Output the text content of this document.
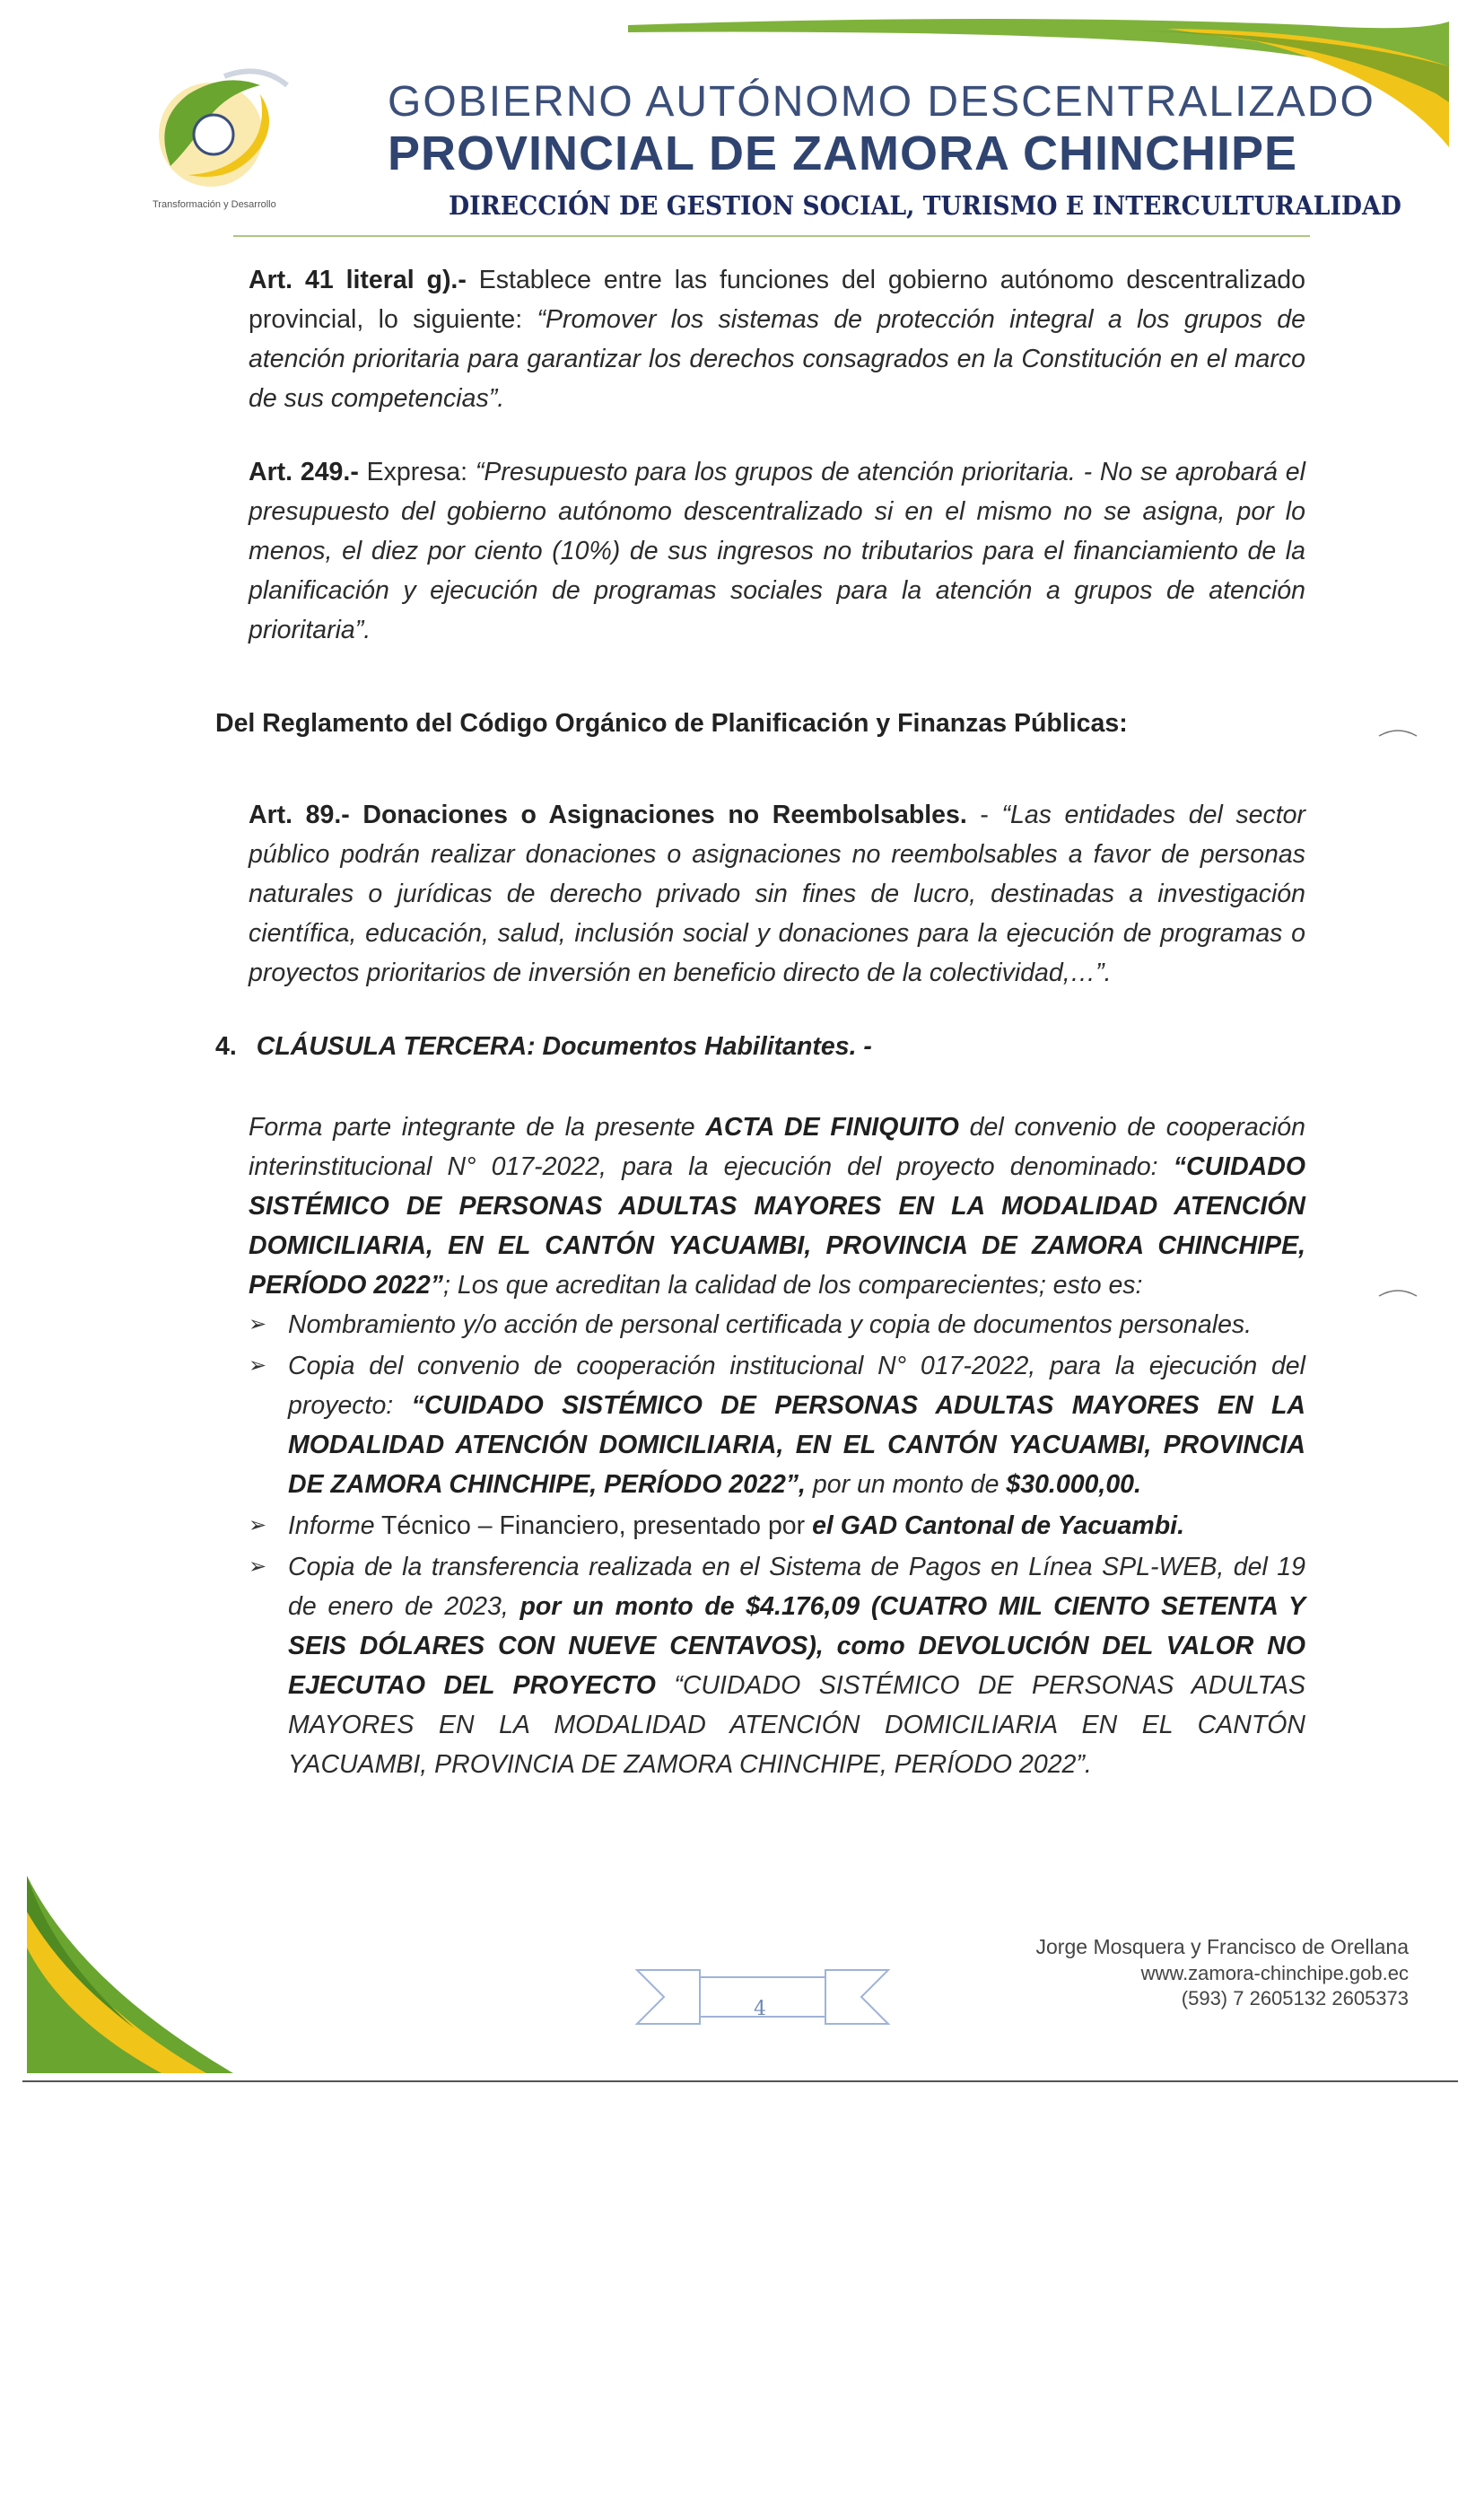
Transformación y Desarrollo
GOBIERNO AUTÓNOMO DESCENTRALIZADO
PROVINCIAL DE ZAMORA CHINCHIPE
DIRECCIÓN DE GESTION SOCIAL, TURISMO E INTERCULTURALIDAD
Art. 41 literal g).- Establece entre las funciones del gobierno autónomo descentralizado provincial, lo siguiente: “Promover los sistemas de protección integral a los grupos de atención prioritaria para garantizar los derechos consagrados en la Constitución en el marco de sus competencias”.
Art. 249.- Expresa: “Presupuesto para los grupos de atención prioritaria. - No se aprobará el presupuesto del gobierno autónomo descentralizado si en el mismo no se asigna, por lo menos, el diez por ciento (10%) de sus ingresos no tributarios para el financiamiento de la planificación y ejecución de programas sociales para la atención a grupos de atención prioritaria”.
Del Reglamento del Código Orgánico de Planificación y Finanzas Públicas:
Art. 89.- Donaciones o Asignaciones no Reembolsables. - “Las entidades del sector público podrán realizar donaciones o asignaciones no reembolsables a favor de personas naturales o jurídicas de derecho privado sin fines de lucro, destinadas a investigación científica, educación, salud, inclusión social y donaciones para la ejecución de programas o proyectos prioritarios de inversión en beneficio directo de la colectividad,…”.
4. CLÁUSULA TERCERA: Documentos Habilitantes. -
Forma parte integrante de la presente ACTA DE FINIQUITO del convenio de cooperación interinstitucional N° 017-2022, para la ejecución del proyecto denominado: “CUIDADO SISTÉMICO DE PERSONAS ADULTAS MAYORES EN LA MODALIDAD ATENCIÓN DOMICILIARIA, EN EL CANTÓN YACUAMBI, PROVINCIA DE ZAMORA CHINCHIPE, PERÍODO 2022”; Los que acreditan la calidad de los comparecientes; esto es:
➢ Nombramiento y/o acción de personal certificada y copia de documentos personales.
➢ Copia del convenio de cooperación institucional N° 017-2022, para la ejecución del proyecto: “CUIDADO SISTÉMICO DE PERSONAS ADULTAS MAYORES EN LA MODALIDAD ATENCIÓN DOMICILIARIA, EN EL CANTÓN YACUAMBI, PROVINCIA DE ZAMORA CHINCHIPE, PERÍODO 2022”, por un monto de $30.000,00.
➢ Informe Técnico – Financiero, presentado por el GAD Cantonal de Yacuambi.
➢ Copia de la transferencia realizada en el Sistema de Pagos en Línea SPL-WEB, del 19 de enero de 2023, por un monto de $4.176,09 (CUATRO MIL CIENTO SETENTA Y SEIS DÓLARES CON NUEVE CENTAVOS), como DEVOLUCIÓN DEL VALOR NO EJECUTAO DEL PROYECTO “CUIDADO SISTÉMICO DE PERSONAS ADULTAS MAYORES EN LA MODALIDAD ATENCIÓN DOMICILIARIA EN EL CANTÓN YACUAMBI, PROVINCIA DE ZAMORA CHINCHIPE, PERÍODO 2022”.
4
Jorge Mosquera y Francisco de Orellana
www.zamora-chinchipe.gob.ec
(593) 7 2605132 2605373
